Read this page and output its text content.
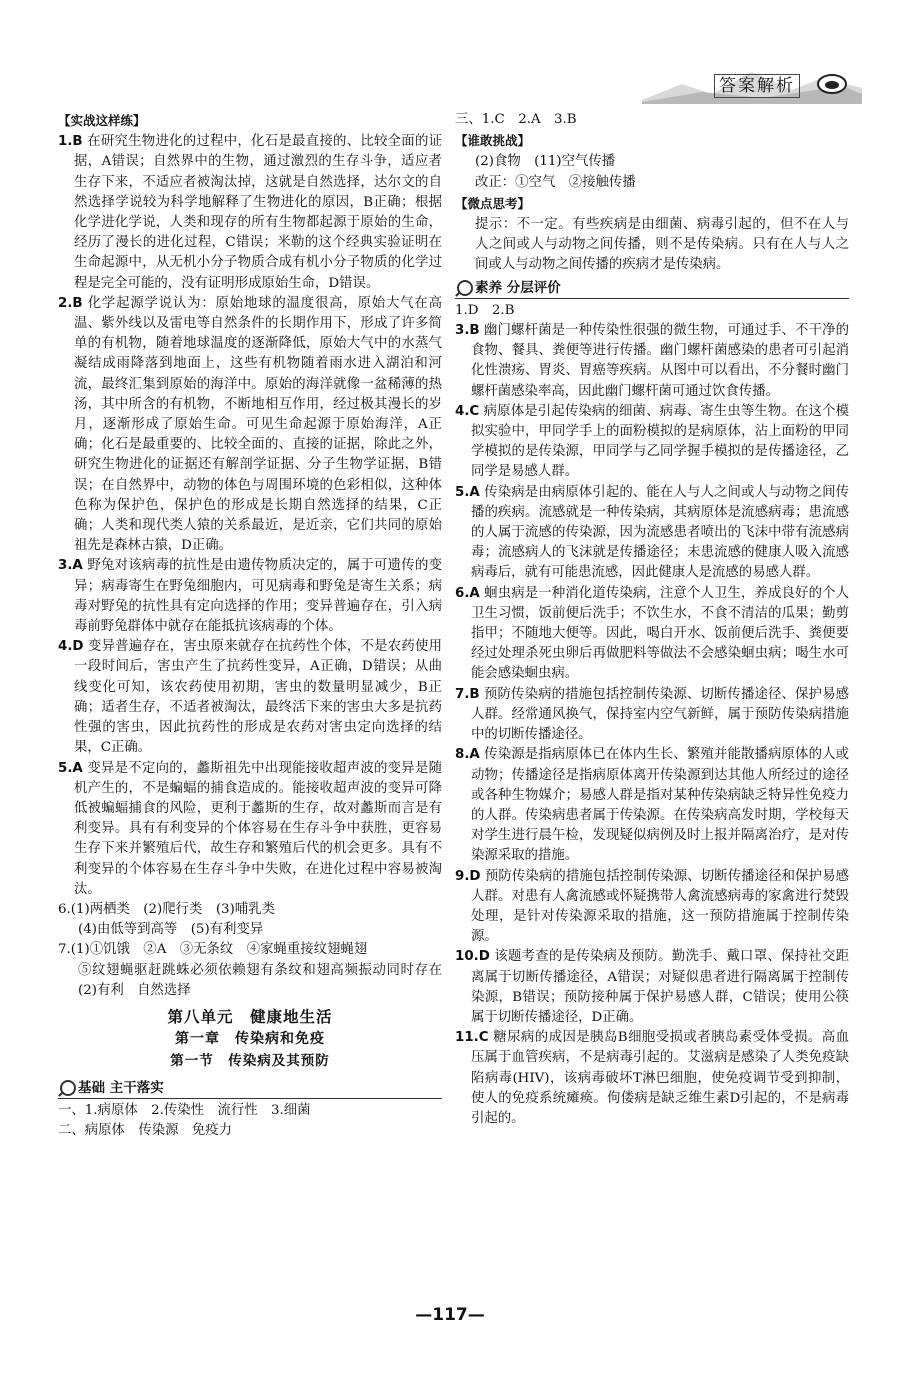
答案解析
【实战这样练】

1.B 在研究生物进化的过程中，化石是最直接的、比较全面的证据，A错误；自然界中的生物，通过激烈的生存斗争，适应者生存下来，不适应者被淘汰掉，这就是自然选择，达尔文的自然选择学说较为科学地解释了生物进化的原因，B正确；根据化学进化学说，人类和现存的所有生物都起源于原始的生命，经历了漫长的进化过程，C错误；米勒的这个经典实验证明在生命起源中，从无机小分子物质合成有机小分子物质的化学过程是完全可能的，没有证明形成原始生命，D错误。

2.B 化学起源学说认为：原始地球的温度很高，原始大气在高温、紫外线以及雷电等自然条件的长期作用下，形成了许多简单的有机物，随着地球温度的逐渐降低，原始大气中的水蒸气凝结成雨降落到地面上，这些有机物随着雨水进入湖泊和河流，最终汇集到原始的海洋中。原始的海洋就像一盆稀薄的热汤，其中所含的有机物，不断地相互作用，经过极其漫长的岁月，逐渐形成了原始生命。可见生命起源于原始海洋，A正确；化石是最重要的、比较全面的、直接的证据，除此之外，研究生物进化的证据还有解剖学证据、分子生物学证据，B错误；在自然界中，动物的体色与周围环境的色彩相似，这种体色称为保护色，保护色的形成是长期自然选择的结果，C正确；人类和现代类人猿的关系最近，是近亲，它们共同的原始祖先是森林古猿，D正确。

3.A 野兔对该病毒的抗性是由遗传物质决定的，属于可遗传的变异；病毒寄生在野兔细胞内，可见病毒和野兔是寄生关系；病毒对野兔的抗性具有定向选择的作用；变异普遍存在，引入病毒前野兔群体中就存在能抵抗该病毒的个体。

4.D 变异普遍存在，害虫原来就存在抗药性个体，不是农药使用一段时间后，害虫产生了抗药性变异，A正确，D错误；从曲线变化可知，该农药使用初期，害虫的数量明显减少，B正确；适者生存，不适者被淘汰，最终活下来的害虫大多是抗药性强的害虫，因此抗药性的形成是农药对害虫定向选择的结果，C正确。

5.A 变异是不定向的，蠡斯祖先中出现能接收超声波的变异是随机产生的，不是蝙蝠的捕食造成的。能接收超声波的变异可降低被蝙蝠捕食的风险，更利于蠡斯的生存，故对蠡斯而言是有利变异。具有有利变异的个体容易在生存斗争中获胜，更容易生存下来并繁殖后代，故生存和繁殖后代的机会更多。具有不利变异的个体容易在生存斗争中失败，在进化过程中容易被淘汰。

6.(1)两栖类　(2)爬行类　(3)哺乳类

(4)由低等到高等　(5)有利变异

7.(1)①饥饿　②A　③无条纹　④家蝇重接纹翅蝇翅

⑤纹翅蝇驱赶跳蛛必须依赖翅有条纹和翅高频振动同时存在　(2)有利　自然选择

第八单元　健康地生活
第一章　传染病和免疫
第一节　传染病及其预防
基础 主干落实

一、1.病原体　2.传染性　流行性　3.细菌

二、病原体　传染源　免疫力

三、1.C　2.A　3.B

【谁敢挑战】

(2)食物　(11)空气传播

改正：①空气　②接触传播

【微点思考】

提示：不一定。有些疾病是由细菌、病毒引起的，但不在人与人之间或人与动物之间传播，则不是传染病。只有在人与人之间或人与动物之间传播的疾病才是传染病。

素养 分层评价

1.D　2.B

3.B 幽门螺杆菌是一种传染性很强的微生物，可通过手、不干净的食物、餐具、粪便等进行传播。幽门螺杆菌感染的患者可引起消化性溃疡、胃炎、胃癌等疾病。从图中可以看出，不分餐时幽门螺杆菌感染率高，因此幽门螺杆菌可通过饮食传播。

4.C 病原体是引起传染病的细菌、病毒、寄生虫等生物。在这个模拟实验中，甲同学手上的面粉模拟的是病原体，沾上面粉的甲同学模拟的是传染源，甲同学与乙同学握手模拟的是传播途径，乙同学是易感人群。

5.A 传染病是由病原体引起的、能在人与人之间或人与动物之间传播的疾病。流感就是一种传染病，其病原体是流感病毒；患流感的人属于流感的传染源，因为流感患者喷出的飞沫中带有流感病毒；流感病人的飞沫就是传播途径；未患流感的健康人吸入流感病毒后，就有可能患流感，因此健康人是流感的易感人群。

6.A 蛔虫病是一种消化道传染病，注意个人卫生，养成良好的个人卫生习惯，饭前便后洗手；不饮生水，不食不清洁的瓜果；勤剪指甲；不随地大便等。因此，喝白开水、饭前便后洗手、粪便要经过处理杀死虫卵后再做肥料等做法不会感染蛔虫病；喝生水可能会感染蛔虫病。

7.B 预防传染病的措施包括控制传染源、切断传播途径、保护易感人群。经常通风换气，保持室内空气新鲜，属于预防传染病措施中的切断传播途径。

8.A 传染源是指病原体已在体内生长、繁殖并能散播病原体的人或动物；传播途径是指病原体离开传染源到达其他人所经过的途径或各种生物媒介；易感人群是指对某种传染病缺乏特异性免疫力的人群。传染病患者属于传染源。在传染病高发时期，学校每天对学生进行晨午检，发现疑似病例及时上报并隔离治疗，是对传染源采取的措施。

9.D 预防传染病的措施包括控制传染源、切断传播途径和保护易感人群。对患有人禽流感或怀疑携带人禽流感病毒的家禽进行焚毁处理，是针对传染源采取的措施，这一预防措施属于控制传染源。

10.D 该题考查的是传染病及预防。勤洗手、戴口罩、保持社交距离属于切断传播途径，A错误；对疑似患者进行隔离属于控制传染源，B错误；预防接种属于保护易感人群，C错误；使用公筷属于切断传播途径，D正确。

11.C 糖尿病的成因是胰岛B细胞受损或者胰岛素受体受损。高血压属于血管疾病，不是病毒引起的。艾滋病是感染了人类免疫缺陷病毒(HIV)，该病毒破坏T淋巴细胞，使免疫调节受到抑制，使人的免疫系统瘫痪。佝偻病是缺乏维生素D引起的，不是病毒引起的。

—117—
